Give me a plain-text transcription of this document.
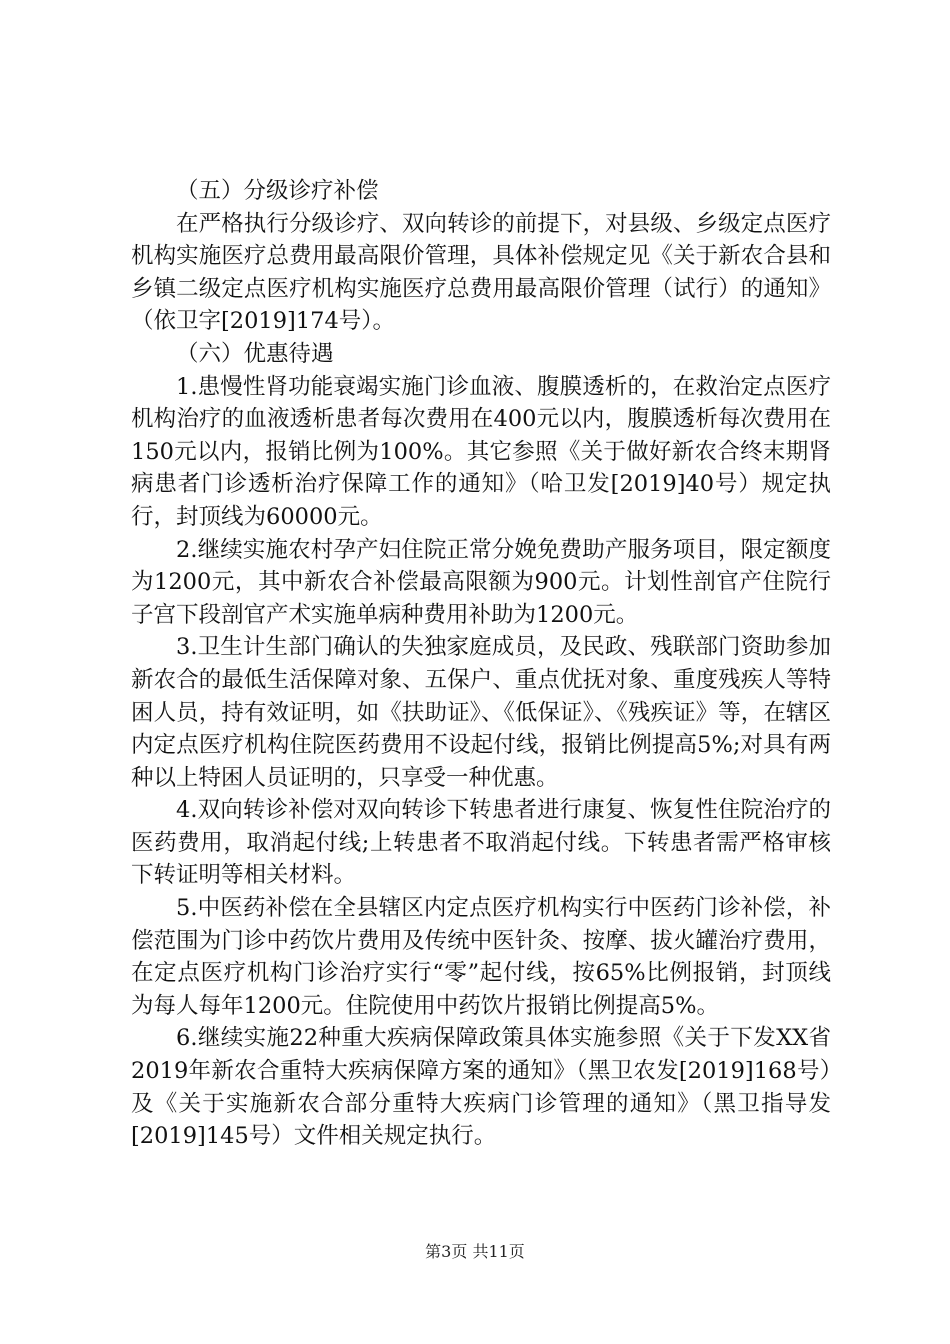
（五）分级诊疗补偿

在严格执行分级诊疗、双向转诊的前提下，对县级、乡级定点医疗机构实施医疗总费用最高限价管理，具体补偿规定见《关于新农合县和乡镇二级定点医疗机构实施医疗总费用最高限价管理（试行）的通知》（依卫字[2019]174号）。

（六）优惠待遇

1.患慢性肾功能衰竭实施门诊血液、腹膜透析的，在救治定点医疗机构治疗的血液透析患者每次费用在400元以内，腹膜透析每次费用在150元以内，报销比例为100%。其它参照《关于做好新农合终末期肾病患者门诊透析治疗保障工作的通知》（哈卫发[2019]40号）规定执行，封顶线为60000元。

2.继续实施农村孕产妇住院正常分娩免费助产服务项目，限定额度为1200元，其中新农合补偿最高限额为900元。计划性剖官产住院行子宫下段剖官产术实施单病种费用补助为1200元。

3.卫生计生部门确认的失独家庭成员，及民政、残联部门资助参加新农合的最低生活保障对象、五保户、重点优抚对象、重度残疾人等特困人员，持有效证明，如《扶助证》、《低保证》、《残疾证》等，在辖区内定点医疗机构住院医药费用不设起付线，报销比例提高5%;对具有两种以上特困人员证明的，只享受一种优惠。

4.双向转诊补偿对双向转诊下转患者进行康复、恢复性住院治疗的医药费用，取消起付线;上转患者不取消起付线。下转患者需严格审核下转证明等相关材料。

5.中医药补偿在全县辖区内定点医疗机构实行中医药门诊补偿，补偿范围为门诊中药饮片费用及传统中医针灸、按摩、拔火罐治疗费用，在定点医疗机构门诊治疗实行“零”起付线，按65%比例报销，封顶线为每人每年1200元。住院使用中药饮片报销比例提高5%。

6.继续实施22种重大疾病保障政策具体实施参照《关于下发XX省2019年新农合重特大疾病保障方案的通知》（黑卫农发[2019]168号）及《关于实施新农合部分重特大疾病门诊管理的通知》（黑卫指导发[2019]145号）文件相关规定执行。

第3页 共11页
